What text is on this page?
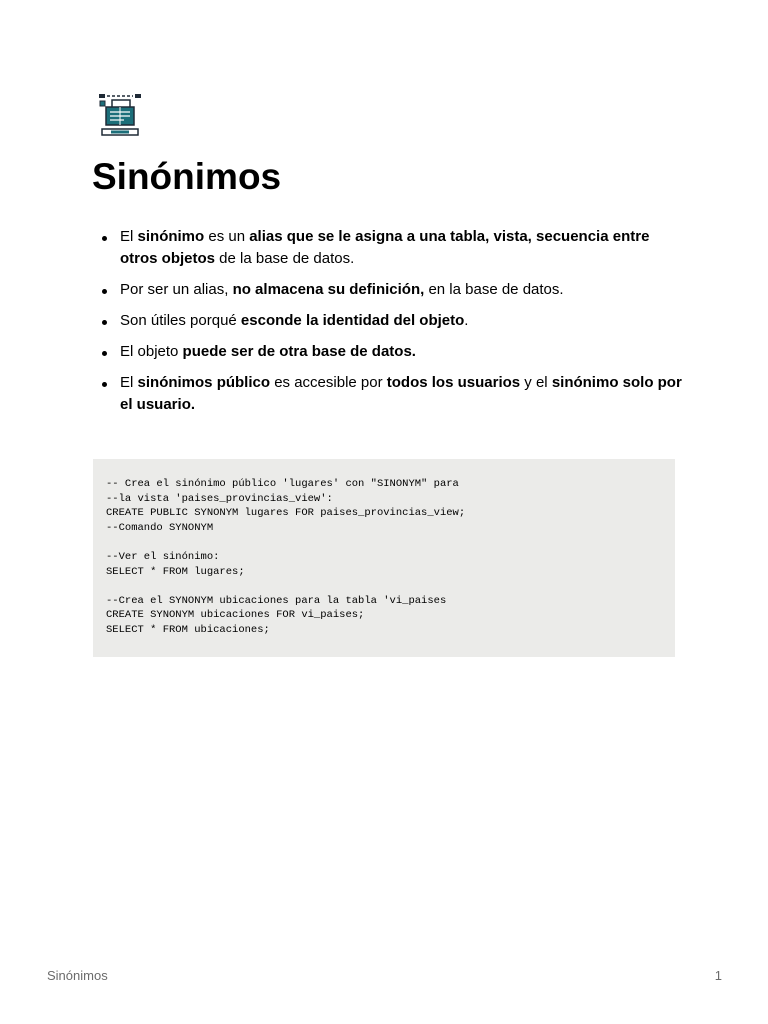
Sinónimos
El sinónimo es un alias que se le asigna a una tabla, vista, secuencia entre otros objetos de la base de datos.
Por ser un alias, no almacena su definición, en la base de datos.
Son útiles porqué esconde la identidad del objeto.
El objeto puede ser de otra base de datos.
El sinónimos público es accesible por todos los usuarios y el sinónimo solo por el usuario.
-- Crea el sinónimo público 'lugares' con "SINONYM" para
--la vista 'paises_provincias_view':
CREATE PUBLIC SYNONYM lugares FOR paises_provincias_view;
--Comando SYNONYM

--Ver el sinónimo:
SELECT * FROM lugares;

--Crea el SYNONYM ubicaciones para la tabla 'vi_paises
CREATE SYNONYM ubicaciones FOR vi_paises;
SELECT * FROM ubicaciones;
Sinónimos	1
